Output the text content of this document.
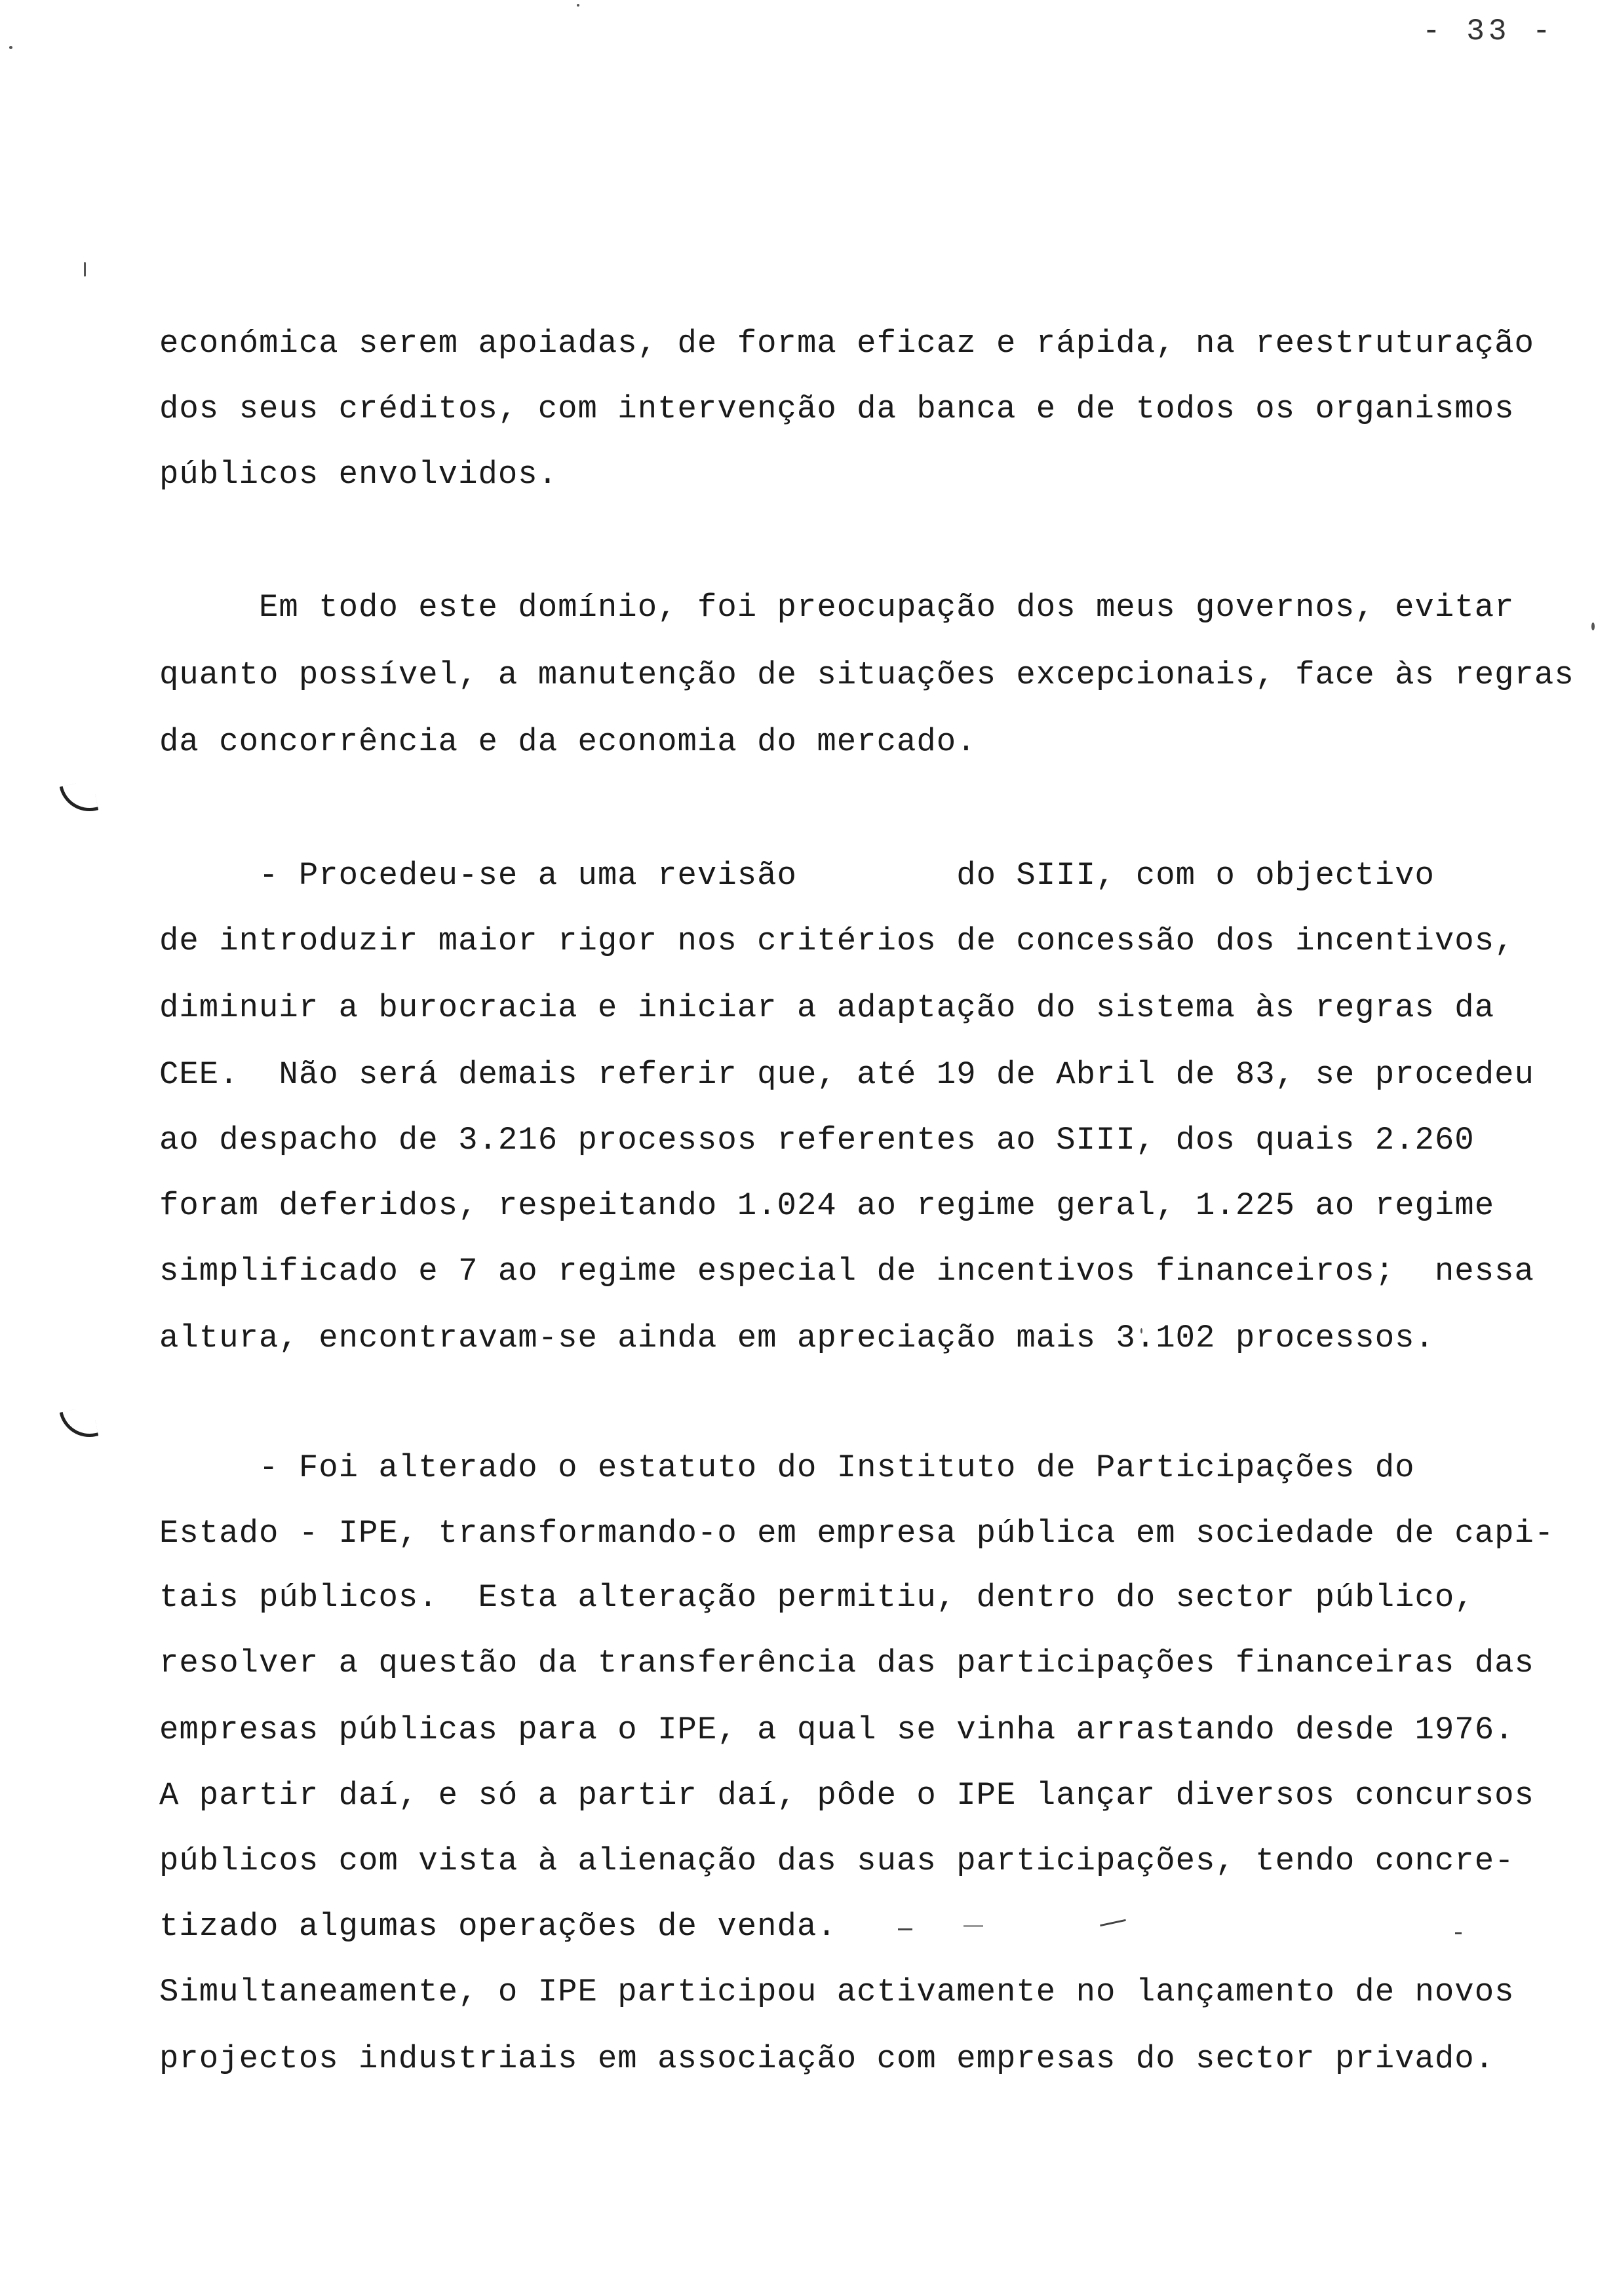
- 33 -
económica serem apoiadas, de forma eficaz e rápida, na reestruturação
dos seus créditos, com intervenção da banca e de todos os organismos
públicos envolvidos.
Em todo este domínio, foi preocupação dos meus governos, evitar
quanto possível, a manutenção de situações excepcionais, face às regras
da concorrência e da economia do mercado.
- Procedeu-se a uma revisão        do SIII, com o objectivo
de introduzir maior rigor nos critérios de concessão dos incentivos,
diminuir a burocracia e iniciar a adaptação do sistema às regras da
CEE.  Não será demais referir que, até 19 de Abril de 83, se procedeu
ao despacho de 3.216 processos referentes ao SIII, dos quais 2.260
foram deferidos, respeitando 1.024 ao regime geral, 1.225 ao regime
simplificado e 7 ao regime especial de incentivos financeiros;  nessa
altura, encontravam-se ainda em apreciação mais 3.102 processos.
- Foi alterado o estatuto do Instituto de Participações do
Estado - IPE, transformando-o em empresa pública em sociedade de capi-
tais públicos.  Esta alteração permitiu, dentro do sector público,
resolver a questão da transferência das participações financeiras das
empresas públicas para o IPE, a qual se vinha arrastando desde 1976.
A partir daí, e só a partir daí, pôde o IPE lançar diversos concursos
públicos com vista à alienação das suas participações, tendo concre-
tizado algumas operações de venda.
Simultaneamente, o IPE participou activamente no lançamento de novos
projectos industriais em associação com empresas do sector privado.
